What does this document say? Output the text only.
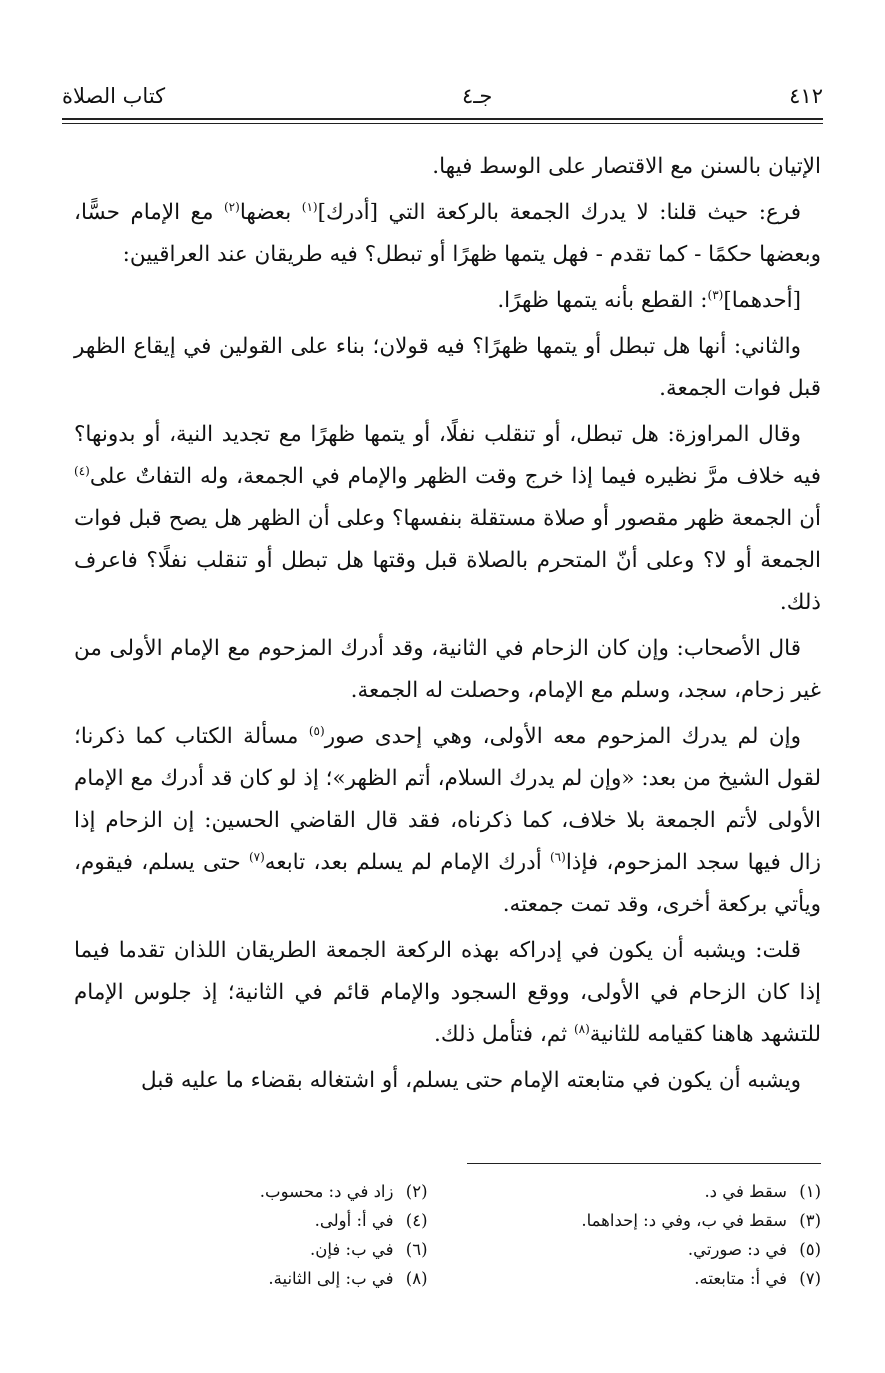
٤١٢
جـ٤
كتاب الصلاة

الإتيان بالسنن مع الاقتصار على الوسط فيها.

فرع: حيث قلنا: لا يدرك الجمعة بالركعة التي [أدرك]$^{(١)}$ بعضها$^{(٢)}$ مع الإمام حسًّا، وبعضها حكمًا - كما تقدم - فهل يتمها ظهرًا أو تبطل؟ فيه طريقان عند العراقيين:

[أحدهما]$^{(٣)}$: القطع بأنه يتمها ظهرًا.

والثاني: أنها هل تبطل أو يتمها ظهرًا؟ فيه قولان؛ بناء على القولين في إيقاع الظهر قبل فوات الجمعة.

وقال المراوزة: هل تبطل، أو تنقلب نفلًا، أو يتمها ظهرًا مع تجديد النية، أو بدونها؟ فيه خلاف مرَّ نظيره فيما إذا خرج وقت الظهر والإمام في الجمعة، وله التفاتٌ على$^{(٤)}$ أن الجمعة ظهر مقصور أو صلاة مستقلة بنفسها؟ وعلى أن الظهر هل يصح قبل فوات الجمعة أو لا؟ وعلى أنّ المتحرم بالصلاة قبل وقتها هل تبطل أو تنقلب نفلًا؟ فاعرف ذلك.

قال الأصحاب: وإن كان الزحام في الثانية، وقد أدرك المزحوم مع الإمام الأولى من غير زحام، سجد، وسلم مع الإمام، وحصلت له الجمعة.

وإن لم يدرك المزحوم معه الأولى، وهي إحدى صور$^{(٥)}$ مسألة الكتاب كما ذكرنا؛ لقول الشيخ من بعد: «وإن لم يدرك السلام، أتم الظهر»؛ إذ لو كان قد أدرك مع الإمام الأولى لأتم الجمعة بلا خلاف، كما ذكرناه، فقد قال القاضي الحسين: إن الزحام إذا زال فيها سجد المزحوم، فإذا$^{(٦)}$ أدرك الإمام لم يسلم بعد، تابعه$^{(٧)}$ حتى يسلم، فيقوم، ويأتي بركعة أخرى، وقد تمت جمعته.

قلت: ويشبه أن يكون في إدراكه بهذه الركعة الجمعة الطريقان اللذان تقدما فيما إذا كان الزحام في الأولى، ووقع السجود والإمام قائم في الثانية؛ إذ جلوس الإمام للتشهد هاهنا كقيامه للثانية$^{(٨)}$ ثم، فتأمل ذلك.

ويشبه أن يكون في متابعته الإمام حتى يسلم، أو اشتغاله بقضاء ما عليه قبل

(١)سقط في د.
(٢)زاد في د: محسوب.
(٣)سقط في ب، وفي د: إحداهما.
(٤)في أ: أولى.
(٥)في د: صورتي.
(٦)في ب: فإن.
(٧)في أ: متابعته.
(٨)في ب: إلى الثانية.
